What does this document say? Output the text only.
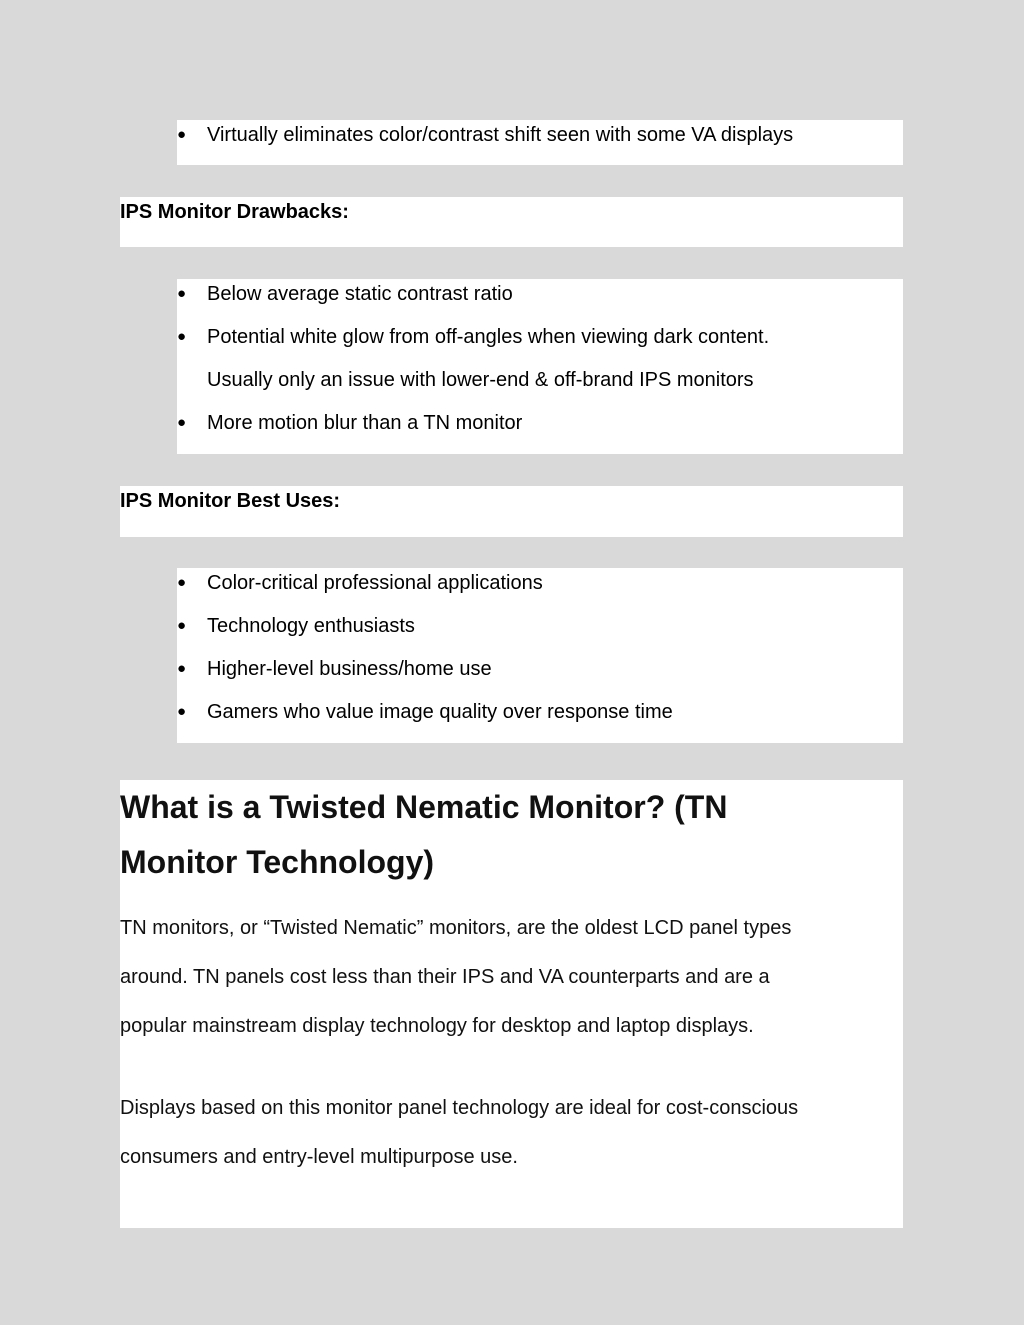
●	Virtually eliminates color/contrast shift seen with some VA displays

IPS Monitor Drawbacks:

●	Below average static contrast ratio
●	Potential white glow from off-angles when viewing dark content.
Usually only an issue with lower-end & off-brand IPS monitors
●	More motion blur than a TN monitor

IPS Monitor Best Uses:

●	Color-critical professional applications
●	Technology enthusiasts
●	Higher-level business/home use
●	Gamers who value image quality over response time

What is a Twisted Nematic Monitor? (TN

Monitor Technology)

TN monitors, or “Twisted Nematic” monitors, are the oldest LCD panel types

around. TN panels cost less than their IPS and VA counterparts and are a

popular mainstream display technology for desktop and laptop displays.

Displays based on this monitor panel technology are ideal for cost-conscious

consumers and entry-level multipurpose use.
